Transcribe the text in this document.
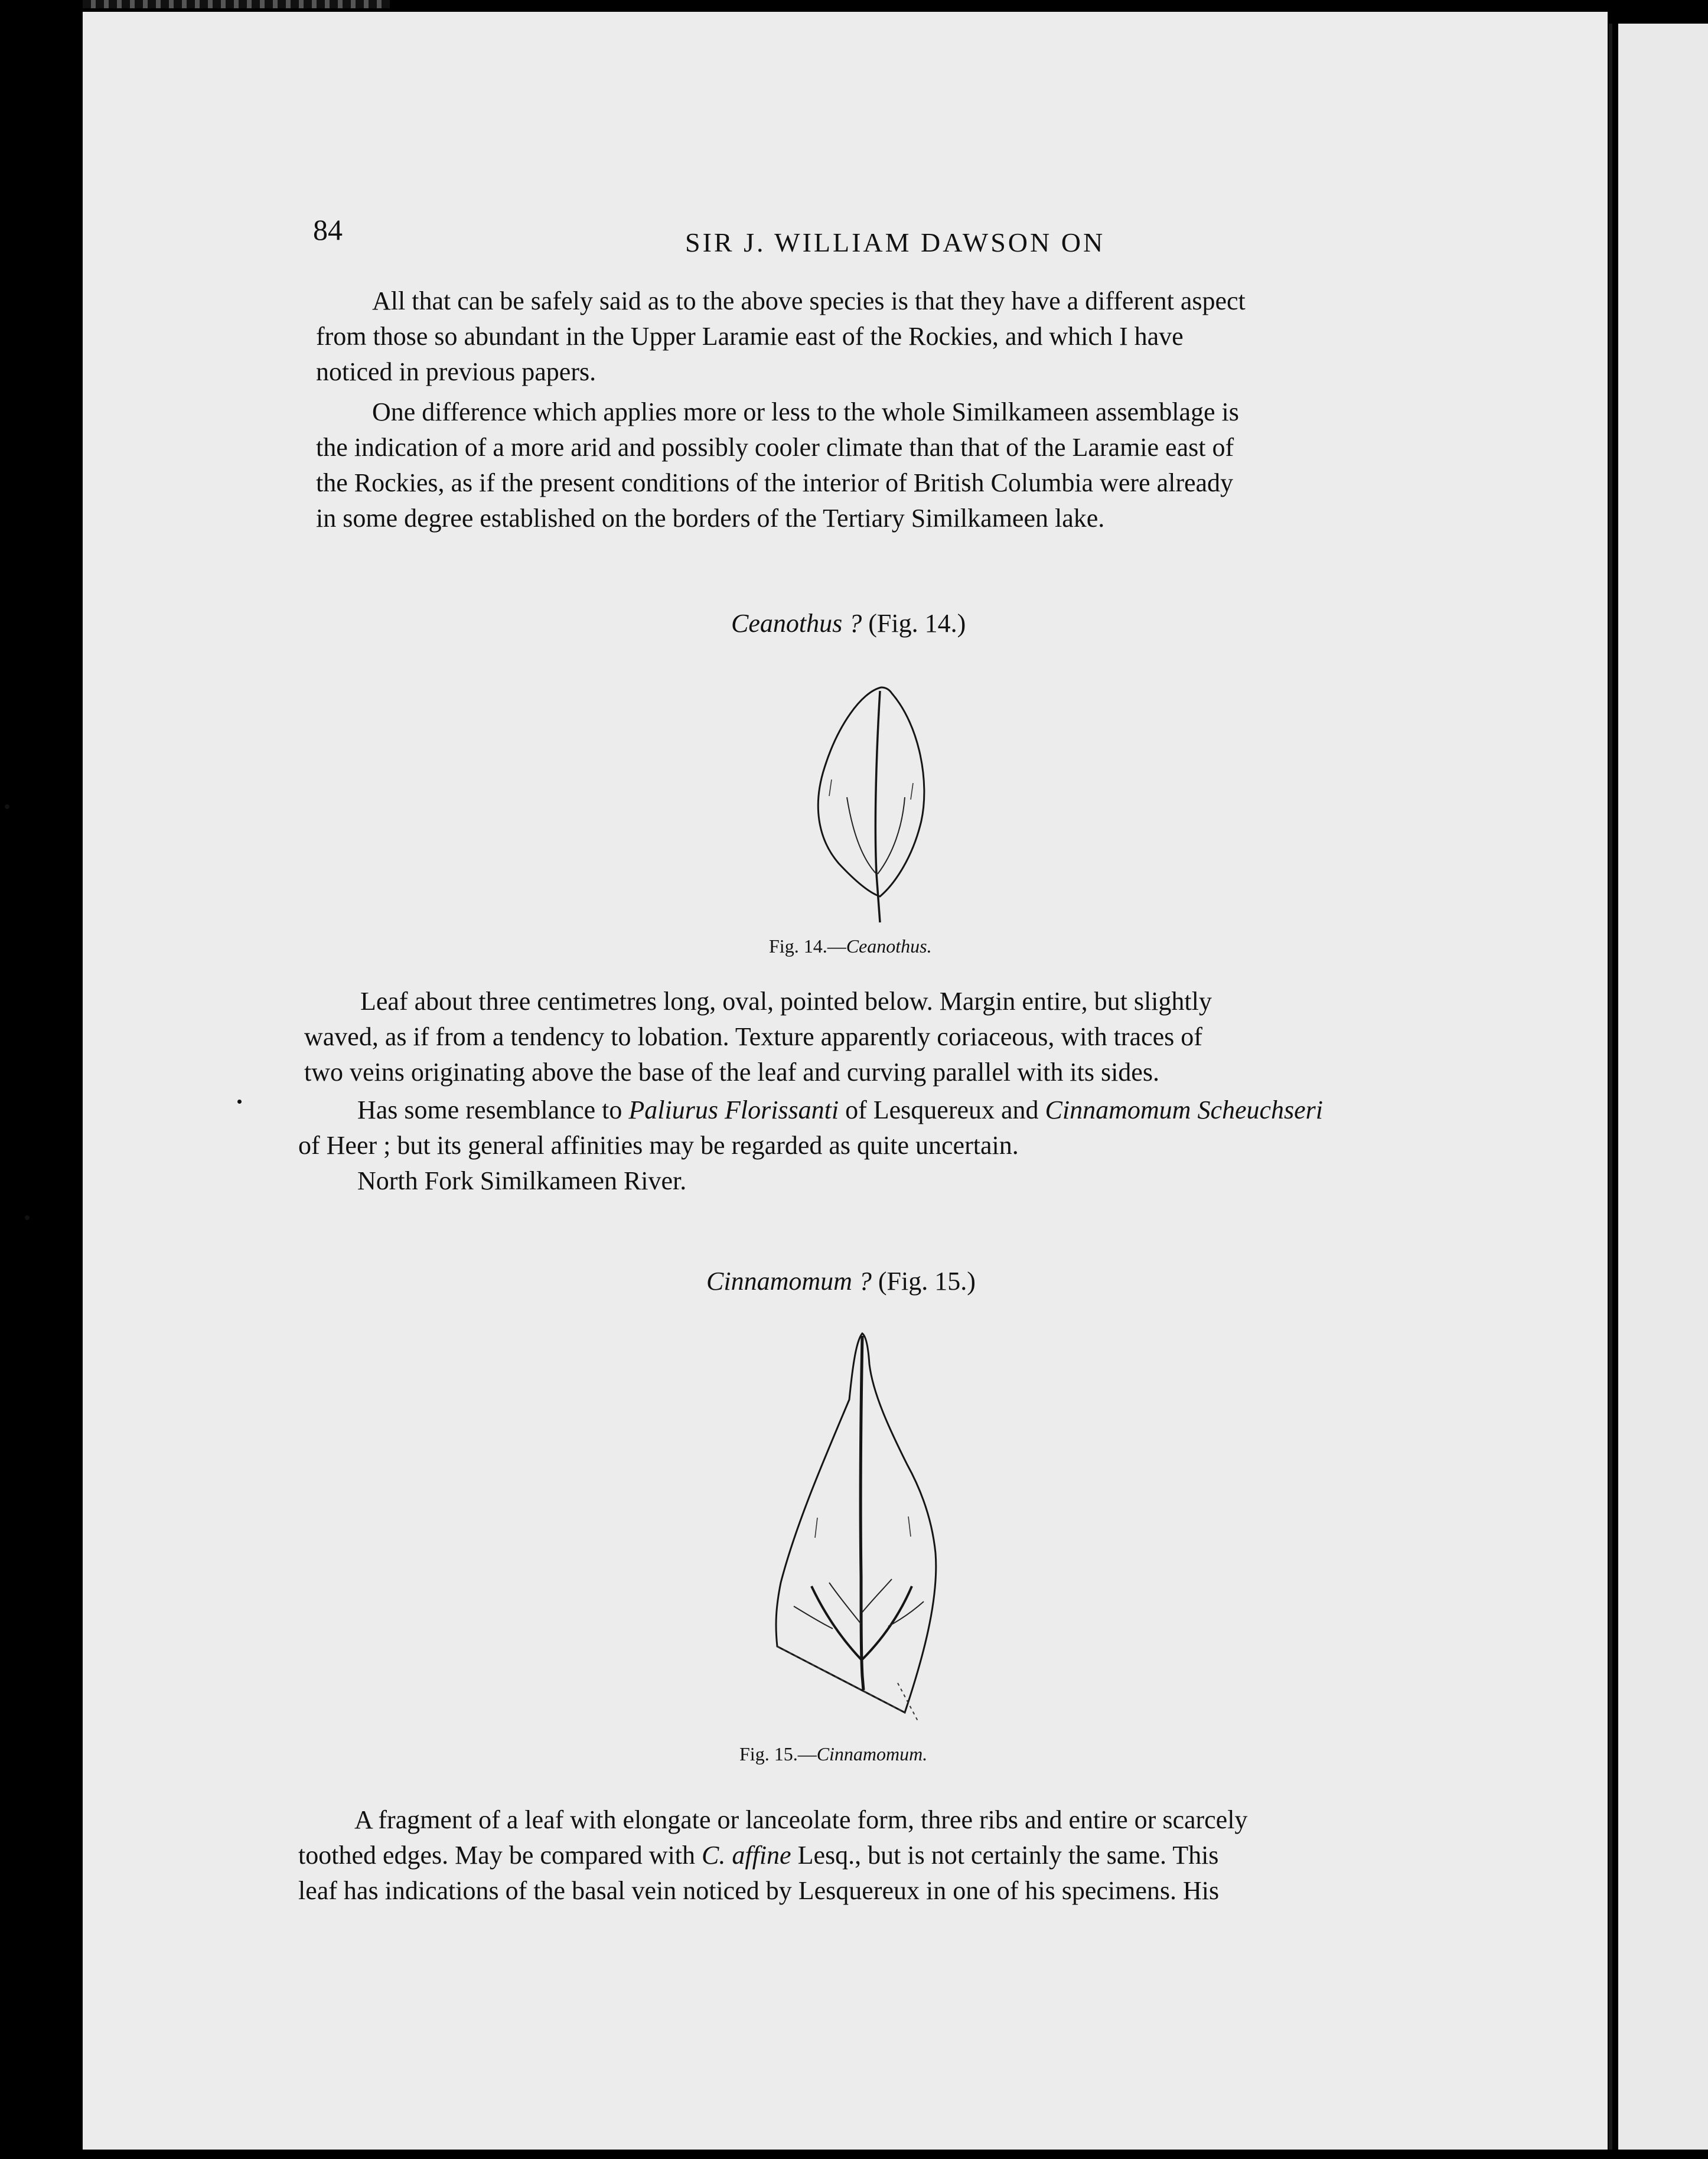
84	SIR J. WILLIAM DAWSON ON
All that can be safely said as to the above species is that they have a different aspect
from those so abundant in the Upper Laramie east of the Rockies, and which I have
noticed in previous papers.
One difference which applies more or less to the whole Similkameen assemblage is
the indication of a more arid and possibly cooler climate than that of the Laramie east of
the Rockies, as if the present conditions of the interior of British Columbia were already
in some degree established on the borders of the Tertiary Similkameen lake.
Ceanothus ? (Fig. 14.)
Fig. 14.—Ceanothus.
Leaf about three centimetres long, oval, pointed below. Margin entire, but slightly
waved, as if from a tendency to lobation. Texture apparently coriaceous, with traces of
two veins originating above the base of the leaf and curving parallel with its sides.
Has some resemblance to Paliurus Florissanti of Lesquereux and Cinnamomum Scheuchseri
of Heer ; but its general affinities may be regarded as quite uncertain.
North Fork Similkameen River.
Cinnamomum ? (Fig. 15.)
Fig. 15.—Cinnamomum.
A fragment of a leaf with elongate or lanceolate form, three ribs and entire or scarcely
toothed edges. May be compared with C. affine Lesq., but is not certainly the same. This
leaf has indications of the basal vein noticed by Lesquereux in one of his specimens. His
